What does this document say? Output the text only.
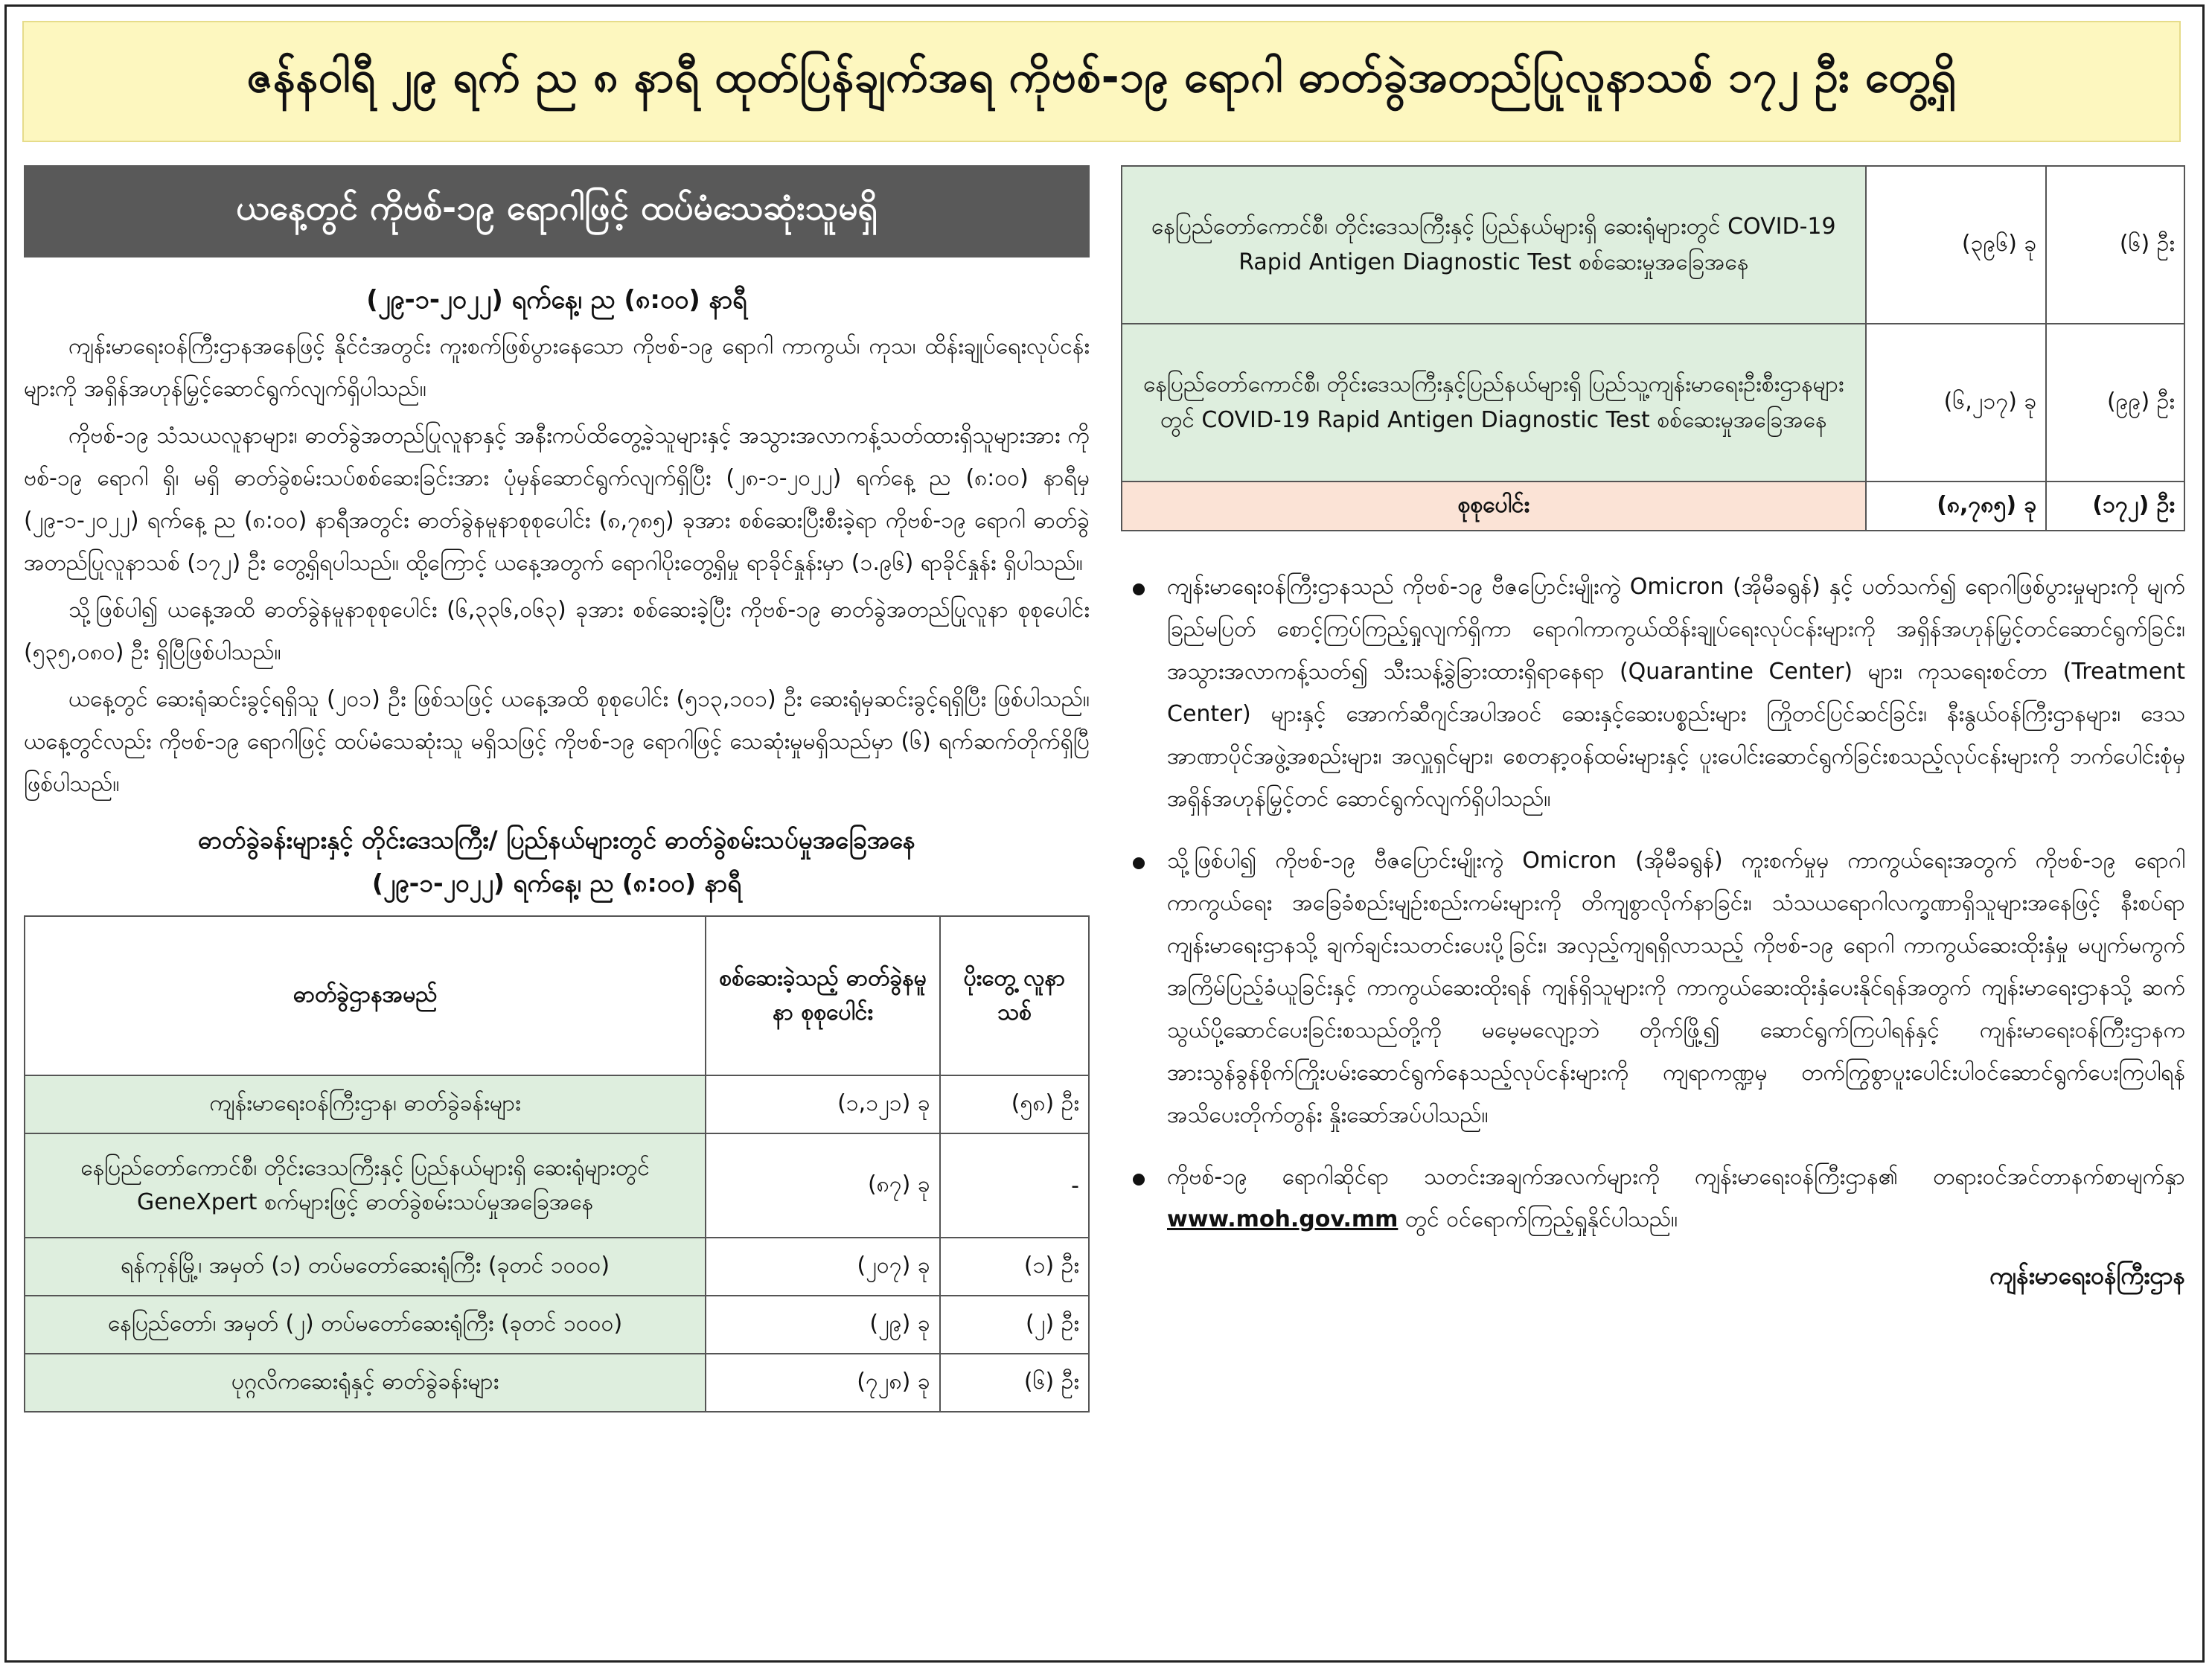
ဇန်နဝါရီ ၂၉ ရက် ည ၈ နာရီ ထုတ်ပြန်ချက်အရ ကိုဗစ်-၁၉ ရောဂါ ဓာတ်ခွဲအတည်ပြုလူနာသစ် ၁၇၂ ဦး တွေ့ရှိ
ယနေ့တွင် ကိုဗစ်-၁၉ ရောဂါဖြင့် ထပ်မံသေဆုံးသူမရှိ
(၂၉-၁-၂၀၂၂) ရက်နေ့၊ ည (၈:၀၀) နာရီ

ကျန်းမာရေးဝန်ကြီးဌာနအနေဖြင့် နိုင်ငံအတွင်း ကူးစက်ဖြစ်ပွားနေသော ကိုဗစ်-၁၉ ရောဂါ ကာကွယ်၊ ကုသ၊ ထိန်းချုပ်ရေးလုပ်ငန်းများကို အရှိန်အဟုန်မြှင့်ဆောင်ရွက်လျက်ရှိပါသည်။

ကိုဗစ်-၁၉ သံသယလူနာများ၊ ဓာတ်ခွဲအတည်ပြုလူနာနှင့် အနီးကပ်ထိတွေ့ခဲ့သူများနှင့် အသွားအလာကန့်သတ်ထားရှိသူများအား ကိုဗစ်-၁၉ ရောဂါ ရှိ၊ မရှိ ဓာတ်ခွဲစမ်းသပ်စစ်ဆေးခြင်းအား ပုံမှန်ဆောင်ရွက်လျက်ရှိပြီး (၂၈-၁-၂၀၂၂) ရက်နေ့ ည (၈:၀၀) နာရီမှ (၂၉-၁-၂၀၂၂) ရက်နေ့ ည (၈:၀၀) နာရီအတွင်း ဓာတ်ခွဲနမူနာစုစုပေါင်း (၈,၇၈၅) ခုအား စစ်ဆေးပြီးစီးခဲ့ရာ ကိုဗစ်-၁၉ ရောဂါ ဓာတ်ခွဲအတည်ပြုလူနာသစ် (၁၇၂) ဦး တွေ့ရှိရပါသည်။ ထို့ကြောင့် ယနေ့အတွက် ရောဂါပိုးတွေ့ရှိမှု ရာခိုင်နှုန်းမှာ (၁.၉၆) ရာခိုင်နှုန်း ရှိပါသည်။

သို့ဖြစ်ပါ၍ ယနေ့အထိ ဓာတ်ခွဲနမူနာစုစုပေါင်း (၆,၃၃၆,၀၆၃) ခုအား စစ်ဆေးခဲ့ပြီး ကိုဗစ်-၁၉ ဓာတ်ခွဲအတည်ပြုလူနာ စုစုပေါင်း (၅၃၅,၀၈၀) ဦး ရှိပြီဖြစ်ပါသည်။

ယနေ့တွင် ဆေးရုံဆင်းခွင့်ရရှိသူ (၂၀၁) ဦး ဖြစ်သဖြင့် ယနေ့အထိ စုစုပေါင်း (၅၁၃,၁၀၁) ဦး ဆေးရုံမှဆင်းခွင့်ရရှိပြီး ဖြစ်ပါသည်။ ယနေ့တွင်လည်း ကိုဗစ်-၁၉ ရောဂါဖြင့် ထပ်မံသေဆုံးသူ မရှိသဖြင့် ကိုဗစ်-၁၉ ရောဂါဖြင့် သေဆုံးမှုမရှိသည်မှာ (၆) ရက်ဆက်တိုက်ရှိပြီဖြစ်ပါသည်။

ဓာတ်ခွဲခန်းများနှင့် တိုင်းဒေသကြီး/ ပြည်နယ်များတွင် ဓာတ်ခွဲစမ်းသပ်မှုအခြေအနေ
(၂၉-၁-၂၀၂၂) ရက်နေ့၊ ည (၈:၀၀) နာရီ
ဓာတ်ခွဲဌာနအမည်	စစ်ဆေးခဲ့သည့် ဓာတ်ခွဲနမူနာ စုစုပေါင်း	ပိုးတွေ့ လူနာသစ်
ကျန်းမာရေးဝန်ကြီးဌာန၊ ဓာတ်ခွဲခန်းများ	(၁,၁၂၁) ခု	(၅၈) ဦး
နေပြည်တော်ကောင်စီ၊ တိုင်းဒေသကြီးနှင့် ပြည်နယ်များရှိ ဆေးရုံများတွင် GeneXpert စက်များဖြင့် ဓာတ်ခွဲစမ်းသပ်မှုအခြေအနေ	(၈၇) ခု	-
ရန်ကုန်မြို့၊ အမှတ် (၁) တပ်မတော်ဆေးရုံကြီး (ခုတင် ၁၀၀၀)	(၂၀၇) ခု	(၁) ဦး
နေပြည်တော်၊ အမှတ် (၂) တပ်မတော်ဆေးရုံကြီး (ခုတင် ၁၀၀၀)	(၂၉) ခု	(၂) ဦး
ပုဂ္ဂလိကဆေးရုံနှင့် ဓာတ်ခွဲခန်းများ	(၇၂၈) ခု	(၆) ဦး
နေပြည်တော်ကောင်စီ၊ တိုင်းဒေသကြီးနှင့် ပြည်နယ်များရှိ ဆေးရုံများတွင် COVID-19 Rapid Antigen Diagnostic Test စစ်ဆေးမှုအခြေအနေ	(၃၉၆) ခု	(၆) ဦး
နေပြည်တော်ကောင်စီ၊ တိုင်းဒေသကြီးနှင့်ပြည်နယ်များရှိ ပြည်သူ့ကျန်းမာရေးဦးစီးဌာနများတွင် COVID-19 Rapid Antigen Diagnostic Test စစ်ဆေးမှုအခြေအနေ	(၆,၂၁၇) ခု	(၉၉) ဦး
စုစုပေါင်း	(၈,၇၈၅) ခု	(၁၇၂) ဦး
ကျန်းမာရေးဝန်ကြီးဌာနသည် ကိုဗစ်-၁၉ ဗီဇပြောင်းမျိုးကွဲ Omicron (အိုမီခရွန်) နှင့် ပတ်သက်၍ ရောဂါဖြစ်ပွားမှုများကို မျက်ခြည်မပြတ် စောင့်ကြပ်ကြည့်ရှုလျက်ရှိကာ ရောဂါကာကွယ်ထိန်းချုပ်ရေးလုပ်ငန်းများကို အရှိန်အဟုန်မြှင့်တင်ဆောင်ရွက်ခြင်း၊ အသွားအလာကန့်သတ်၍ သီးသန့်ခွဲခြားထားရှိရာနေရာ (Quarantine Center) များ၊ ကုသရေးစင်တာ (Treatment Center) များနှင့် အောက်ဆီဂျင်အပါအဝင် ဆေးနှင့်ဆေးပစ္စည်းများ ကြိုတင်ပြင်ဆင်ခြင်း၊ နီးနွယ်ဝန်ကြီးဌာနများ၊ ဒေသအာဏာပိုင်အဖွဲ့အစည်းများ၊ အလှူရှင်များ၊ စေတနာ့ဝန်ထမ်းများနှင့် ပူးပေါင်းဆောင်ရွက်ခြင်းစသည့်လုပ်ငန်းများကို ဘက်ပေါင်းစုံမှ အရှိန်အဟုန်မြှင့်တင် ဆောင်ရွက်လျက်ရှိပါသည်။
သို့ဖြစ်ပါ၍ ကိုဗစ်-၁၉ ဗီဇပြောင်းမျိုးကွဲ Omicron (အိုမီခရွန်) ကူးစက်မှုမှ ကာကွယ်ရေးအတွက် ကိုဗစ်-၁၉ ရောဂါ ကာကွယ်ရေး အခြေခံစည်းမျဉ်းစည်းကမ်းများကို တိကျစွာလိုက်နာခြင်း၊ သံသယရောဂါလက္ခဏာရှိသူများအနေဖြင့် နီးစပ်ရာကျန်းမာရေးဌာနသို့ ချက်ချင်းသတင်းပေးပို့ခြင်း၊ အလှည့်ကျရရှိလာသည့် ကိုဗစ်-၁၉ ရောဂါ ကာကွယ်ဆေးထိုးနှံမှု မပျက်မကွက်အကြိမ်ပြည့်ခံယူခြင်းနှင့် ကာကွယ်ဆေးထိုးရန် ကျန်ရှိသူများကို ကာကွယ်ဆေးထိုးနှံပေးနိုင်ရန်အတွက် ကျန်းမာရေးဌာနသို့ ဆက်သွယ်ပို့ဆောင်ပေးခြင်းစသည်တို့ကို မမေ့မလျော့ဘဲ တိုက်ဖြို့၍ ဆောင်ရွက်ကြပါရန်နှင့် ကျန်းမာရေးဝန်ကြီးဌာနက အားသွန်ခွန်စိုက်ကြိုးပမ်းဆောင်ရွက်နေသည့်လုပ်ငန်းများကို ကျရာကဏ္ဍမှ တက်ကြွစွာပူးပေါင်းပါဝင်ဆောင်ရွက်ပေးကြပါရန် အသိပေးတိုက်တွန်း နှိုးဆော်အပ်ပါသည်။
ကိုဗစ်-၁၉ ရောဂါဆိုင်ရာ သတင်းအချက်အလက်များကို ကျန်းမာရေးဝန်ကြီးဌာန၏ တရားဝင်အင်တာနက်စာမျက်နှာ www.moh.gov.mm တွင် ဝင်ရောက်ကြည့်ရှုနိုင်ပါသည်။
ကျန်းမာရေးဝန်ကြီးဌာန
